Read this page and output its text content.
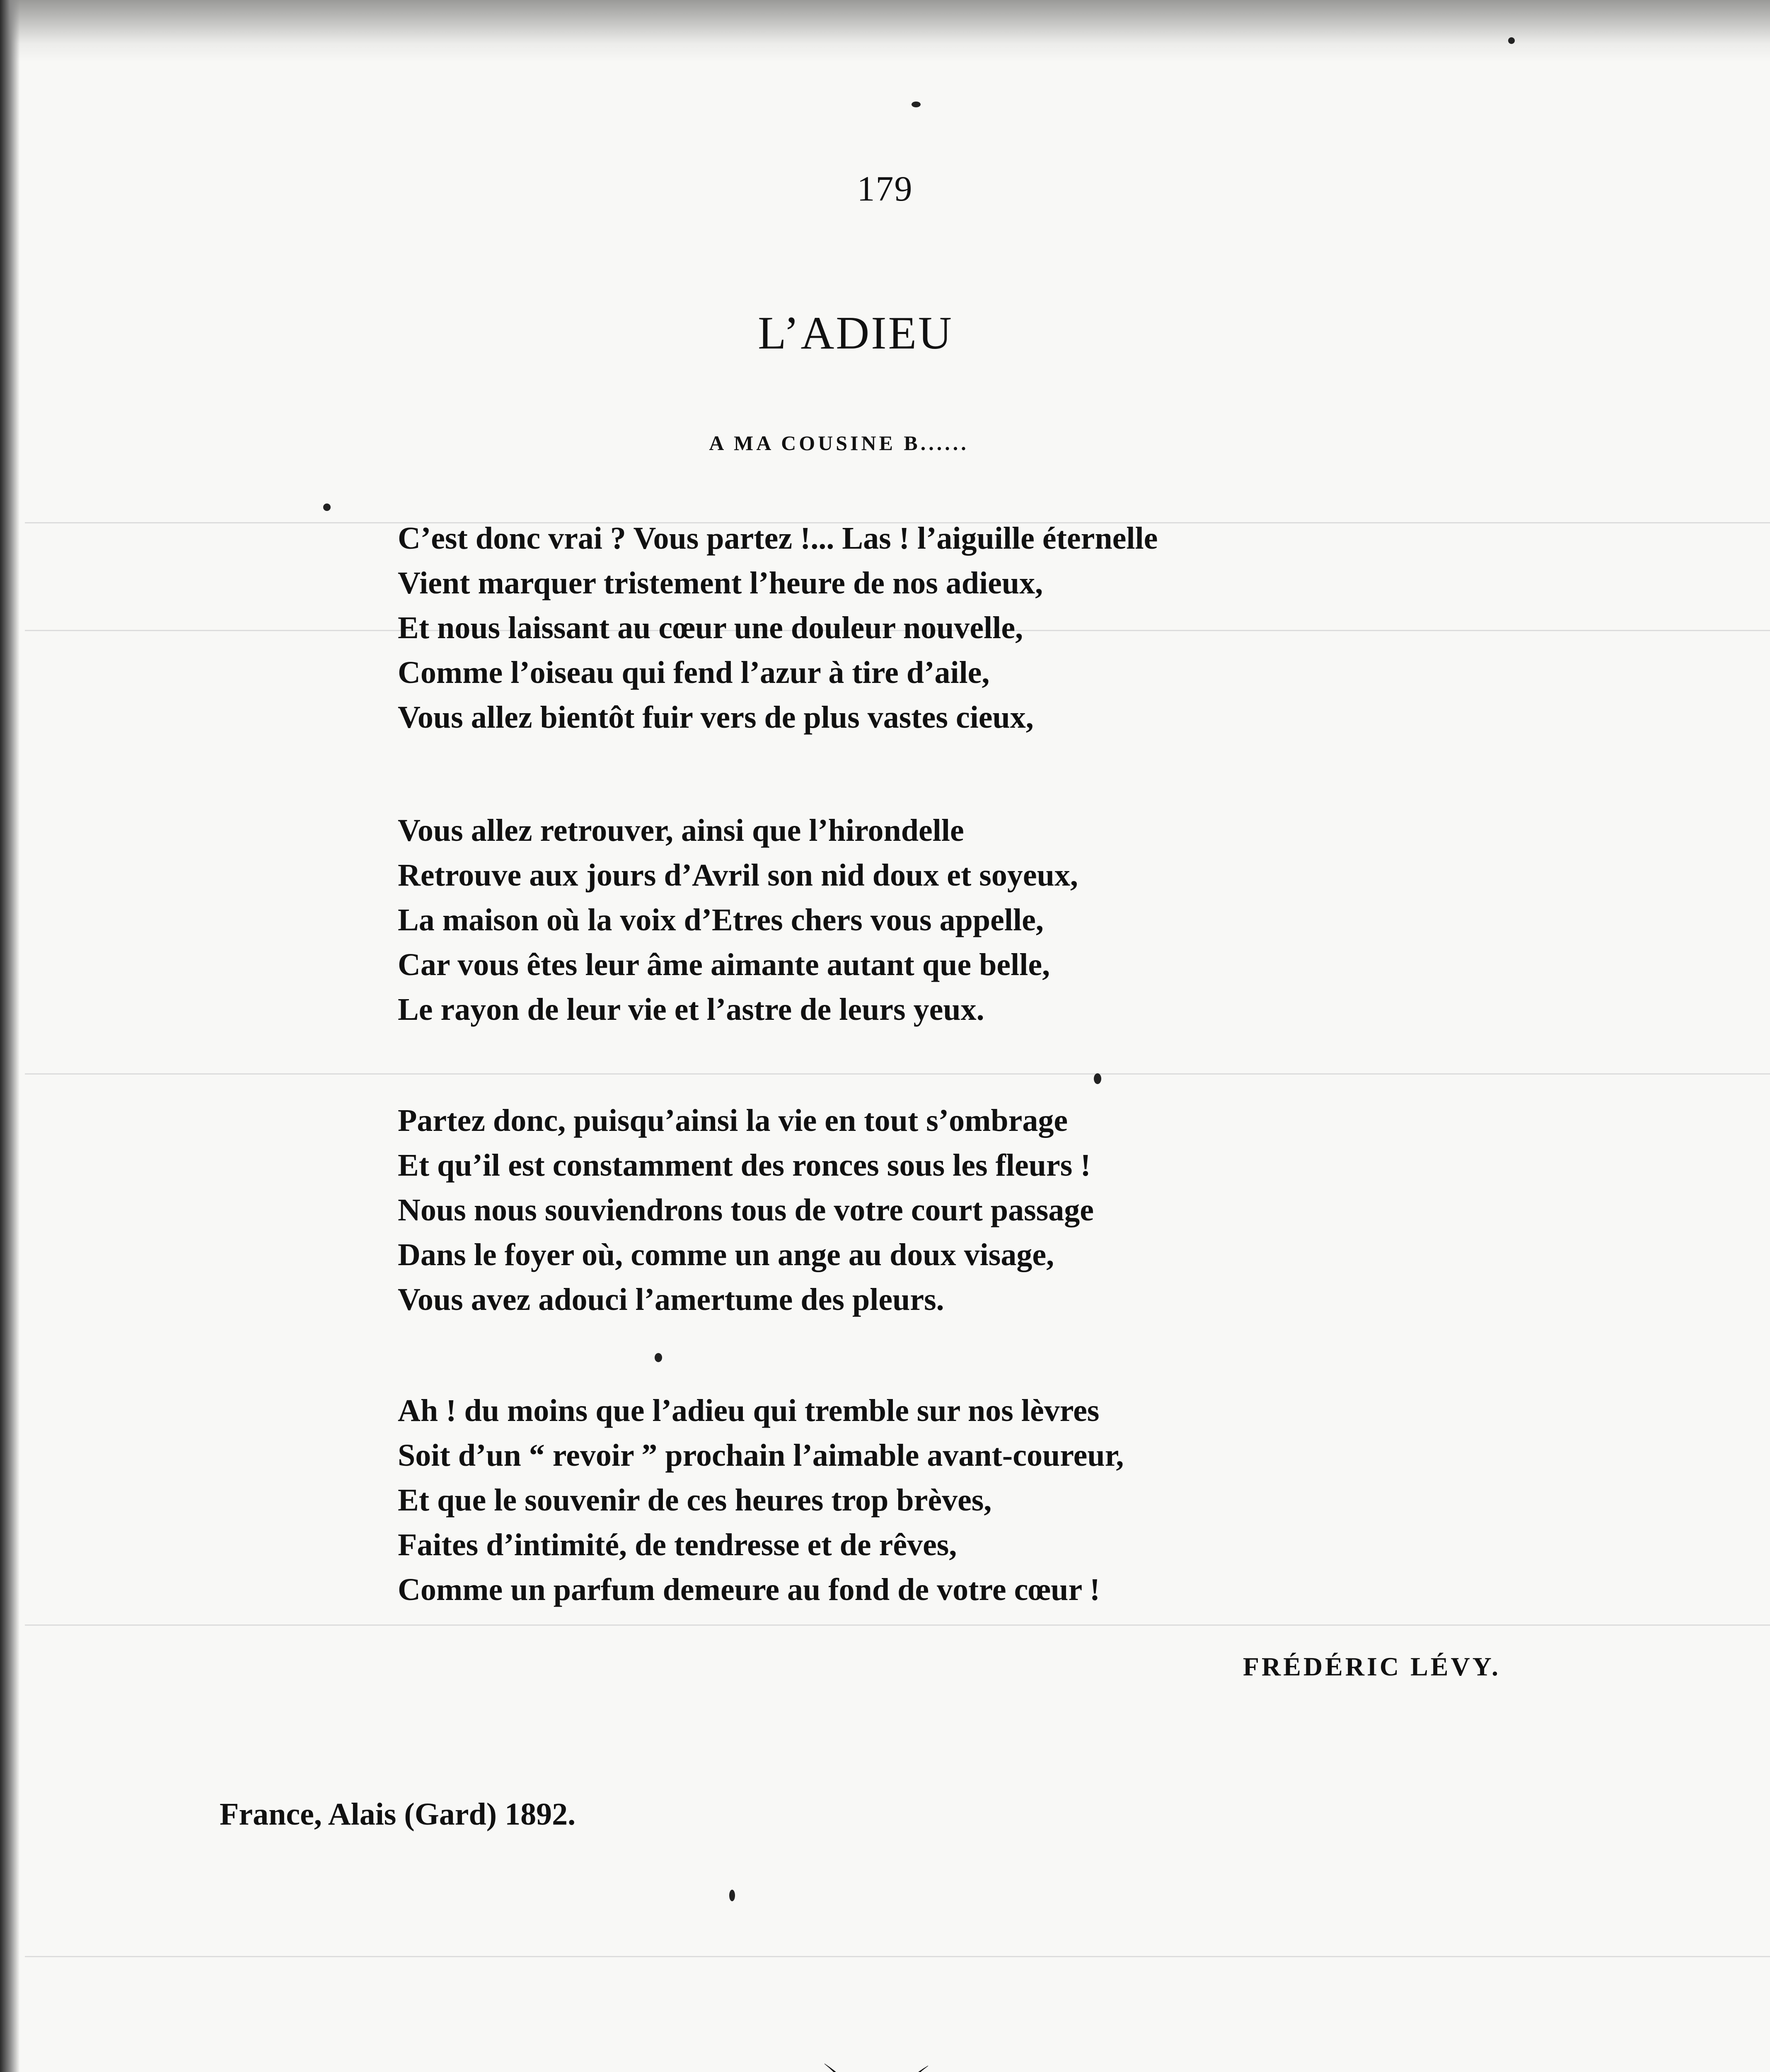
179
L’ADIEU
A MA COUSINE B......
C’est donc vrai ? Vous partez !... Las ! l’aiguille éternelle
Vient marquer tristement l’heure de nos adieux,
Et nous laissant au cœur une douleur nouvelle,
Comme l’oiseau qui fend l’azur à tire d’aile,
Vous allez bientôt fuir vers de plus vastes cieux,
Vous allez retrouver, ainsi que l’hirondelle
Retrouve aux jours d’Avril son nid doux et soyeux,
La maison où la voix d’Etres chers vous appelle,
Car vous êtes leur âme aimante autant que belle,
Le rayon de leur vie et l’astre de leurs yeux.
Partez donc, puisqu’ainsi la vie en tout s’ombrage
Et qu’il est constamment des ronces sous les fleurs !
Nous nous souviendrons tous de votre court passage
Dans le foyer où, comme un ange au doux visage,
Vous avez adouci l’amertume des pleurs.
Ah ! du moins que l’adieu qui tremble sur nos lèvres
Soit d’un “ revoir ” prochain l’aimable avant-coureur,
Et que le souvenir de ces heures trop brèves,
Faites d’intimité, de tendresse et de rêves,
Comme un parfum demeure au fond de votre cœur !
FRÉDÉRIC LÉVY.
France, Alais (Gard) 1892.
